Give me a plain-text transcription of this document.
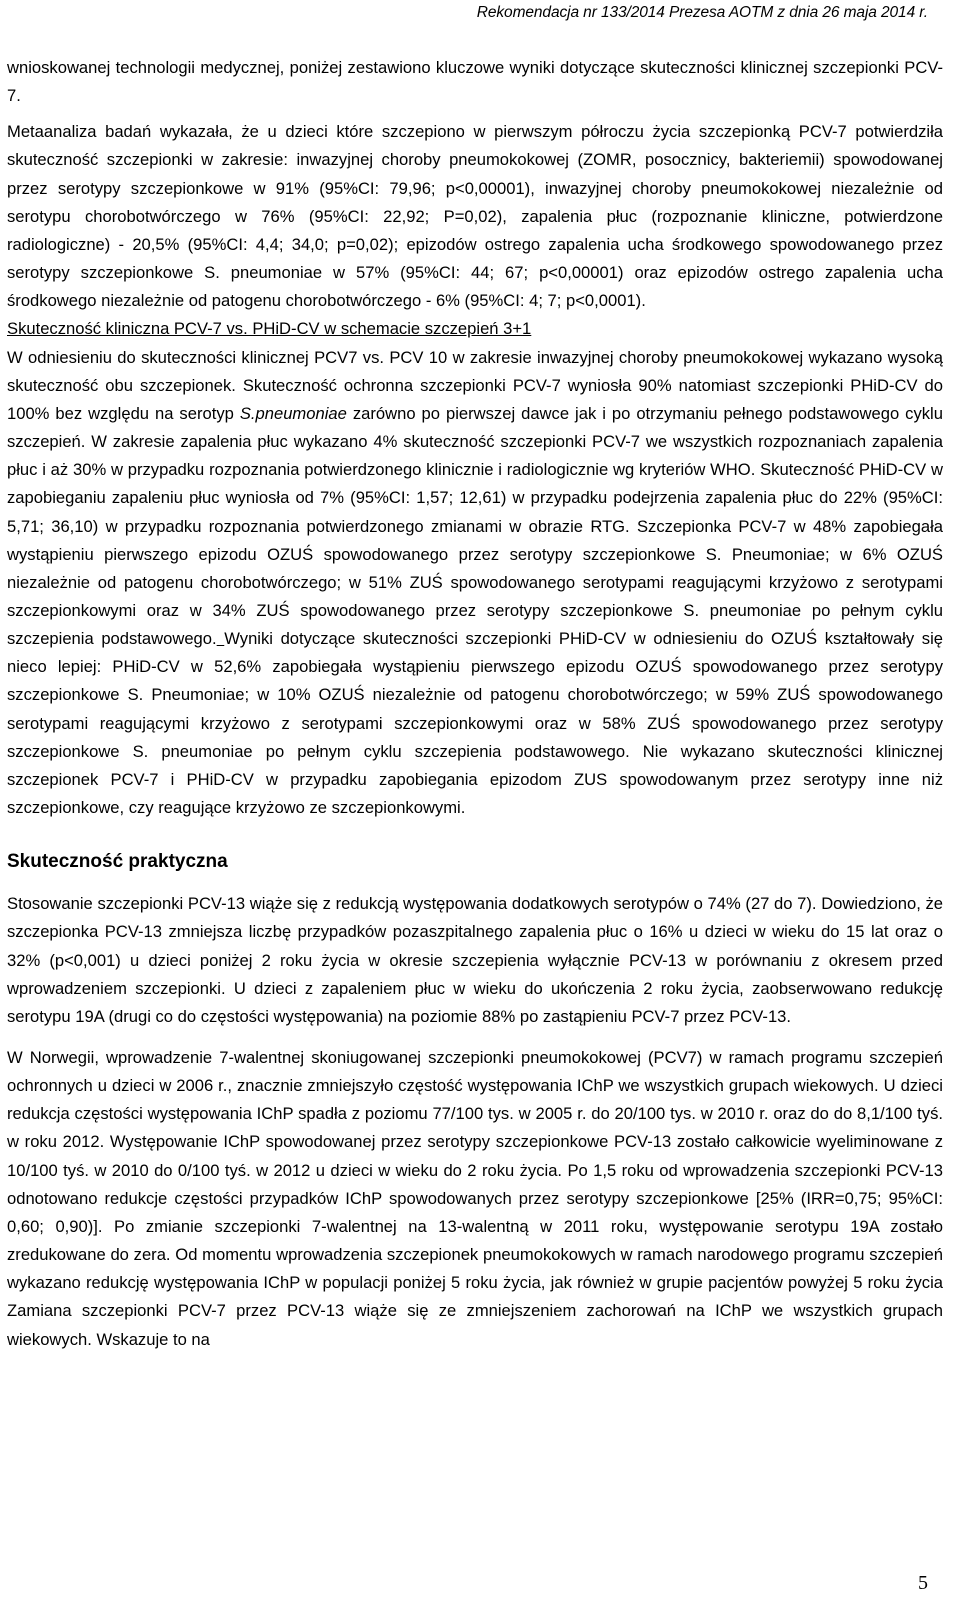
Rekomendacja nr 133/2014 Prezesa AOTM z dnia 26 maja 2014 r.

wnioskowanej technologii medycznej, poniżej zestawiono kluczowe wyniki dotyczące skuteczności klinicznej szczepionki PCV-7.

Metaanaliza badań wykazała, że u dzieci które szczepiono w pierwszym półroczu życia szczepionką PCV-7 potwierdziła skuteczność szczepionki w zakresie: inwazyjnej choroby pneumokokowej (ZOMR, posocznicy, bakteriemii) spowodowanej przez serotypy szczepionkowe w 91% (95%CI: 79,96; p<0,00001), inwazyjnej choroby pneumokokowej niezależnie od serotypu chorobotwórczego w 76% (95%CI: 22,92; P=0,02), zapalenia płuc (rozpoznanie kliniczne, potwierdzone radiologiczne) - 20,5% (95%CI: 4,4; 34,0; p=0,02); epizodów ostrego zapalenia ucha środkowego spowodowanego przez serotypy szczepionkowe S. pneumoniae w 57% (95%CI: 44; 67; p<0,00001) oraz epizodów ostrego zapalenia ucha środkowego niezależnie od patogenu chorobotwórczego - 6% (95%CI: 4; 7; p<0,0001).

Skuteczność kliniczna PCV-7 vs. PHiD-CV w schemacie szczepień 3+1

W odniesieniu do skuteczności klinicznej PCV7 vs. PCV 10 w zakresie inwazyjnej choroby pneumokokowej wykazano wysoką skuteczność obu szczepionek. Skuteczność ochronna szczepionki PCV-7 wyniosła 90% natomiast szczepionki PHiD-CV do 100% bez względu na serotyp S.pneumoniae zarówno po pierwszej dawce jak i po otrzymaniu pełnego podstawowego cyklu szczepień. W zakresie zapalenia płuc wykazano 4% skuteczność szczepionki PCV-7 we wszystkich rozpoznaniach zapalenia płuc i aż 30% w przypadku rozpoznania potwierdzonego klinicznie i radiologicznie wg kryteriów WHO. Skuteczność PHiD-CV w zapobieganiu zapaleniu płuc wyniosła od 7% (95%CI: 1,57; 12,61) w przypadku podejrzenia zapalenia płuc do 22% (95%CI: 5,71; 36,10) w przypadku rozpoznania potwierdzonego zmianami w obrazie RTG. Szczepionka PCV-7 w 48% zapobiegała wystąpieniu pierwszego epizodu OZUŚ spowodowanego przez serotypy szczepionkowe S. Pneumoniae; w 6% OZUŚ niezależnie od patogenu chorobotwórczego; w 51% ZUŚ spowodowanego serotypami reagującymi krzyżowo z serotypami szczepionkowymi oraz w 34% ZUŚ spowodowanego przez serotypy szczepionkowe S. pneumoniae po pełnym cyklu szczepienia podstawowego. Wyniki dotyczące skuteczności szczepionki PHiD-CV w odniesieniu do OZUŚ kształtowały się nieco lepiej: PHiD-CV w 52,6% zapobiegała wystąpieniu pierwszego epizodu OZUŚ spowodowanego przez serotypy szczepionkowe S. Pneumoniae; w 10% OZUŚ niezależnie od patogenu chorobotwórczego; w 59% ZUŚ spowodowanego serotypami reagującymi krzyżowo z serotypami szczepionkowymi oraz w 58% ZUŚ spowodowanego przez serotypy szczepionkowe S. pneumoniae po pełnym cyklu szczepienia podstawowego. Nie wykazano skuteczności klinicznej szczepionek PCV-7 i PHiD-CV w przypadku zapobiegania epizodom ZUS spowodowanym przez serotypy inne niż szczepionkowe, czy reagujące krzyżowo ze szczepionkowymi.

Skuteczność praktyczna

Stosowanie szczepionki PCV-13 wiąże się z redukcją występowania dodatkowych serotypów o 74% (27 do 7). Dowiedziono, że szczepionka PCV-13 zmniejsza liczbę przypadków pozaszpitalnego zapalenia płuc o 16% u dzieci w wieku do 15 lat oraz o 32% (p<0,001) u dzieci poniżej 2 roku życia w okresie szczepienia wyłącznie PCV-13 w porównaniu z okresem przed wprowadzeniem szczepionki. U dzieci z zapaleniem płuc w wieku do ukończenia 2 roku życia, zaobserwowano redukcję serotypu 19A (drugi co do częstości występowania) na poziomie 88% po zastąpieniu PCV-7 przez PCV-13.

W Norwegii, wprowadzenie 7-walentnej skoniugowanej szczepionki pneumokokowej (PCV7) w ramach programu szczepień ochronnych u dzieci w 2006 r., znacznie zmniejszyło częstość występowania IChP we wszystkich grupach wiekowych. U dzieci redukcja częstości występowania IChP spadła z poziomu 77/100 tys. w 2005 r. do 20/100 tys. w 2010 r. oraz do do 8,1/100 tyś. w roku 2012. Występowanie IChP spowodowanej przez serotypy szczepionkowe PCV-13 zostało całkowicie wyeliminowane z 10/100 tyś. w 2010 do 0/100 tyś. w 2012 u dzieci w wieku do 2 roku życia. Po 1,5 roku od wprowadzenia szczepionki PCV-13 odnotowano redukcje częstości przypadków IChP spowodowanych przez serotypy szczepionkowe [25% (IRR=0,75; 95%CI: 0,60; 0,90)]. Po zmianie szczepionki 7-walentnej na 13-walentną w 2011 roku, występowanie serotypu 19A zostało zredukowane do zera. Od momentu wprowadzenia szczepionek pneumokokowych w ramach narodowego programu szczepień wykazano redukcję występowania IChP w populacji poniżej 5 roku życia, jak również w grupie pacjentów powyżej 5 roku życia Zamiana szczepionki PCV-7 przez PCV-13 wiąże się ze zmniejszeniem zachorowań na IChP we wszystkich grupach wiekowych. Wskazuje to na

5
